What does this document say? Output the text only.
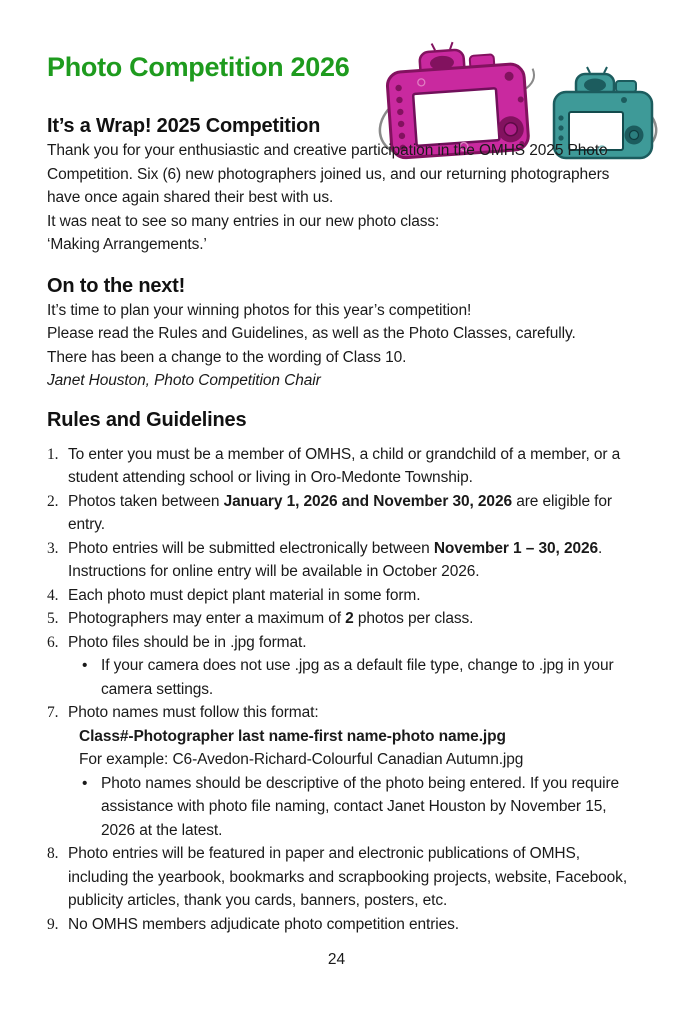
Photo Competition 2026
It’s a Wrap! 2025 Competition

Thank you for your enthusiastic and creative participation in the OMHS 2025 Photo Competition. Six (6) new photographers joined us, and our returning photographers have once again shared their best with us.

It was neat to see so many entries in our new photo class:
‘Making Arrangements.’

On to the next!

It’s time to plan your winning photos for this year’s competition!
Please read the Rules and Guidelines, as well as the Photo Classes, carefully.
There has been a change to the wording of Class 10.

Janet Houston, Photo Competition Chair

Rules and Guidelines
1. To enter you must be a member of OMHS, a child or grandchild of a member, or a student attending school or living in Oro-Medonte Township.
2. Photos taken between January 1, 2026 and November 30, 2026 are eligible for entry.
3. Photo entries will be submitted electronically between November 1 – 30, 2026. Instructions for online entry will be available in October 2026.
4. Each photo must depict plant material in some form.
5. Photographers may enter a maximum of 2 photos per class.
6. Photo files should be in .jpg format.
• If your camera does not use .jpg as a default file type, change to .jpg in your camera settings.
7. Photo names must follow this format:
Class#-Photographer last name-first name-photo name.jpg
For example: C6-Avedon-Richard-Colourful Canadian Autumn.jpg
• Photo names should be descriptive of the photo being entered. If you require assistance with photo file naming, contact Janet Houston by November 15, 2026 at the latest.
8. Photo entries will be featured in paper and electronic publications of OMHS, including the yearbook, bookmarks and scrapbooking projects, website, Facebook, publicity articles, thank you cards, banners, posters, etc.
9. No OMHS members adjudicate photo competition entries.
24
